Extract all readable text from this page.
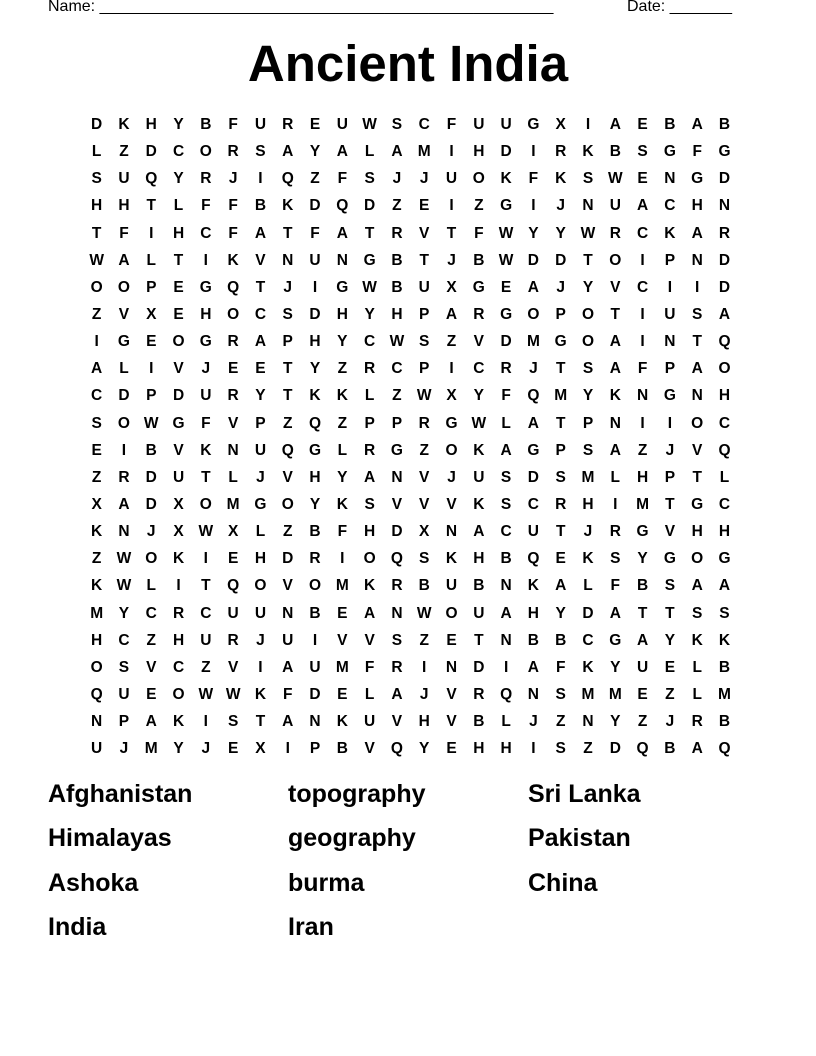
Name: ___________________________________________________	Date: _______
Ancient India
D	K	H	Y	B	F	U	R	E	U W S	C	F	U	U	G	X	I	A	E	B	A	B
L	Z	D	C	O	R	S	A	Y	A	L	A M	I	H	D	I	R	K	B	S	G	F	G
S	U	Q	Y	R	J	I	Q	Z	F	S	J	J	U	O	K	F	K	S W E	N	G	D
H	H	T	L	F	F	B	K	D	Q	D	Z	E	I	Z	G	I	J	N	U	A	C	H	N
T	F	I	H	C	F	A	T	F	A	T	R	V	T	F W Y	Y W R	C	K	A	R
W A	L	T	I	K	V	N	U	N	G	B	T	J	B W D	D	T	O	I	P	N	D
O O	P	E	G Q	T	J	I	G W B	U	X	G	E	A	J	Y	V	C	I	I	D
Z	V	X	E	H	O	C	S	D	H	Y	H	P	A	R	G O	P	O	T	I	U	S	A
I	G	E	O G	R	A	P	H	Y	C W S	Z	V	D M G O	A	I	N	T	Q
A	L	I	V	J	E	E	T	Y	Z	R	C	P	I	C	R	J	T	S	A	F	P	A	O
C	D	P	D	U	R	Y	T	K	K	L	Z W X	Y	F	Q M	Y	K	N	G	N	H
S	O W G	F	V	P	Z	Q	Z	P	P	R	G W L	A	T	P	N	I	I	O	C
E	I	B	V	K	N	U	Q G	L	R	G	Z	O	K	A	G	P	S	A	Z	J	V	Q
Z	R	D	U	T	L	J	V	H	Y	A	N	V	J	U	S	D	S	M	L	H	P	T	L
X	A	D	X	O M G O	Y	K	S	V	V	V	K	S	C	R	H	I	M	T	G	C
K	N	J	X W X	L	Z	B	F	H	D	X	N	A	C	U	T	J	R	G	V	H	H
Z W O	K	I	E	H	D	R	I	O Q	S	K	H	B	Q	E	K	S	Y	G O G
K W L	I	T	Q O	V	O M K	R	B	U	B	N	K	A	L	F	B	S	A	A
M	Y	C	R	C	U	U	N	B	E	A	N W O	U	A	H	Y	D	A	T	T	S	S
H	C	Z	H	U	R	J	U	I	V	V	S	Z	E	T	N	B	B	C	G	A	Y	K	K
O	S	V	C	Z	V	I	A	U M	F	R	I	N	D	I	A	F	K	Y	U	E	L	B
Q	U	E	O W W K	F	D	E	L	A	J	V	R	Q	N	S	M M	E	Z	L	M
N	P	A	K	I	S	T	A	N	K	U	V	H	V	B	L	J	Z	N	Y	Z	J	R	B
U	J	M	Y	J	E	X	I	P	B	V	Q	Y	E	H	H	I	S	Z	D	Q	B	A	Q
Afghanistan	topography	Sri Lanka
Himalayas	geography	Pakistan
Ashoka	burma	China
India	Iran
